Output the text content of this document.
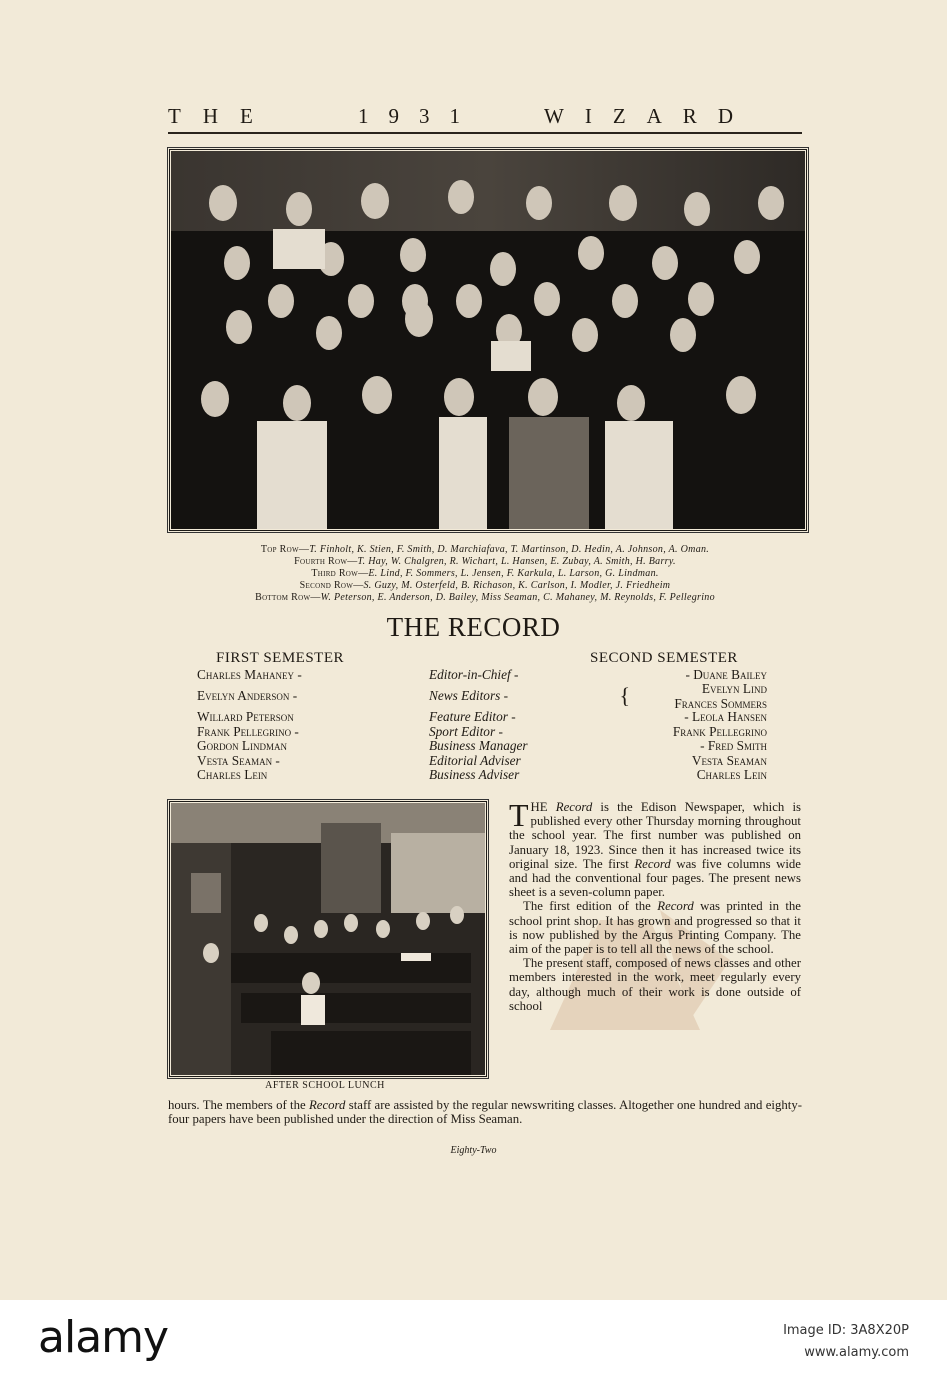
THE	1931	WIZARD
Top Row—T. Finholt, K. Stien, F. Smith, D. Marchiafava, T. Martinson, D. Hedin, A. Johnson, A. Oman.
Fourth Row—T. Hay, W. Chalgren, R. Wichart, L. Hansen, E. Zubay, A. Smith, H. Barry.
Third Row—E. Lind, F. Sommers, L. Jensen, F. Karkula, L. Larson, G. Lindman.
Second Row—S. Guzy, M. Osterfeld, B. Richason, K. Carlson, I. Modler, J. Friedheim
Bottom Row—W. Peterson, E. Anderson, D. Bailey, Miss Seaman, C. Mahaney, M. Reynolds, F. Pellegrino
THE RECORD
FIRST SEMESTER	SECOND SEMESTER
Charles Mahaney -	Editor-in-Chief -	- Duane Bailey
Evelyn Anderson -	News Editors -	{	Evelyn Lind
Frances Sommers
Willard Peterson	Feature Editor -	- Leola Hansen
Frank Pellegrino -	Sport Editor -	Frank Pellegrino
Gordon Lindman	Business Manager	- Fred Smith
Vesta Seaman -	Editorial Adviser	Vesta Seaman
Charles Lein	Business Adviser	Charles Lein
AFTER SCHOOL LUNCH

THE Record is the Edison Newspaper, which is published every other Thursday morning throughout the school year. The first number was published on January 18, 1923. Since then it has increased twice its original size. The first Record was five columns wide and had the conventional four pages. The present news sheet is a seven-column paper.

The first edition of the Record was printed in the school print shop. It has grown and progressed so that it is now published by the Argus Printing Company. The aim of the paper is to tell all the news of the school.

The present staff, composed of news classes and other members interested in the work, meet regularly every day, although much of their work is done outside of school

hours. The members of the Record staff are assisted by the regular newswriting classes. Altogether one hundred and eighty-four papers have been published under the direction of Miss Seaman.

Eighty-Two
alamy	Image ID: 3A8X20P
www.alamy.com
